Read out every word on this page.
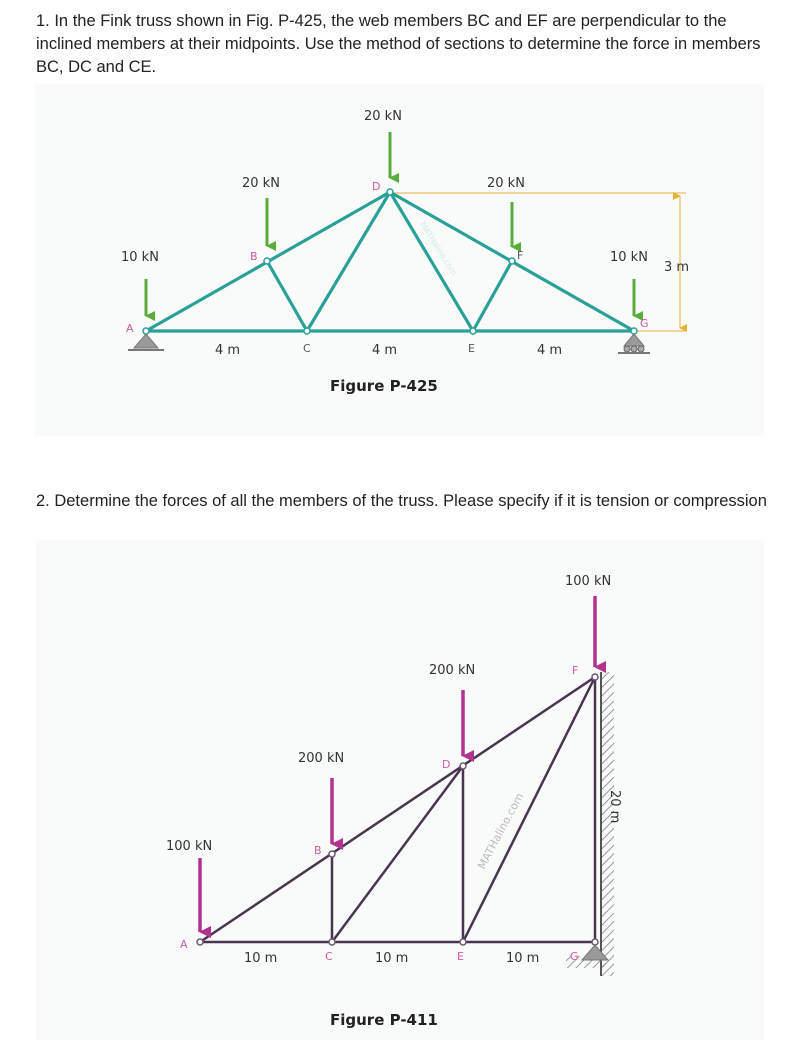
1. In the Fink truss shown in Fig. P-425, the web members BC and EF are perpendicular to the inclined members at their midpoints. Use the method of sections to determine the force in members BC, DC and CE.
10 kN
20 kN
20 kN
20 kN
10 kN
A
B
C
D
E
F
G
4 m	4 m	4 m
3 m
MATHalino.com
Figure P-425
2. Determine the forces of all the members of the truss. Please specify if it is tension or compression
100 kN
200 kN
200 kN
100 kN
A
B
C
D
E
F
G
10 m	10 m	10 m
20 m
MATHalino.com
Figure P-411
